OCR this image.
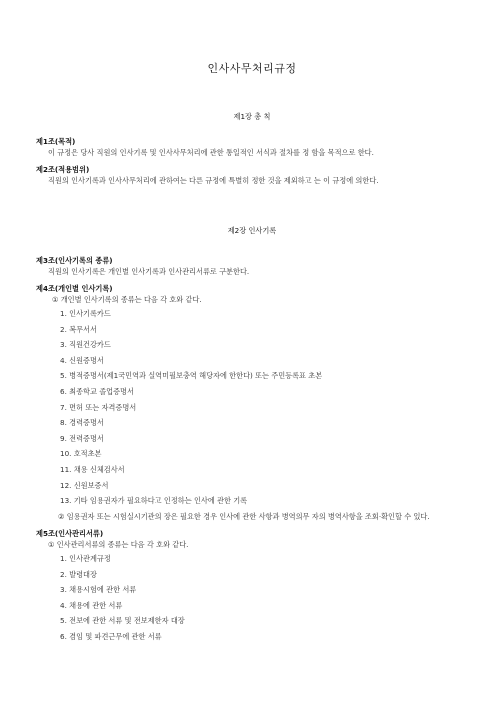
인사사무처리규정
제1장 총 칙
제1조(목적)
이 규정은 당사 직원의 인사기록 및 인사사무처리에 관한 통일적인 서식과 절차를 정 함을 목적으로 한다.
제2조(적용범위)
직원의 인사기록과 인사사무처리에 관하여는 다른 규정에 특별히 정한 것을 제외하고 는 이 규정에 의한다.
제2장 인사기록
제3조(인사기록의 종류)
직원의 인사기록은 개인별 인사기록과 인사관리서류로 구분한다.
제4조(개인별 인사기록)
① 개인별 인사기록의 종류는 다음 각 호와 같다.
1. 인사기록카드
2. 복무서서
3. 직원건강카드
4. 신원증명서
5. 병적증명서(제1국민역과 실역미필보충역 해당자에 한한다) 또는 주민등록표 초본
6. 최종학교 졸업증명서
7. 면허 또는 자격증명서
8. 경력증명서
9. 전력증명서
10. 호적초본
11. 채용 신체검사서
12. 신원보증서
13. 기타 임용권자가 필요하다고 인정하는 인사에 관한 기록
② 임용권자 또는 시험실시기관의 장은 필요한 경우 인사에 관한 사항과 병역의무 자의 병역사항을 조회·확인할 수 있다.
제5조(인사관리서류)
① 인사관리서류의 종류는 다음 각 호와 같다.
1. 인사관계규정
2. 발령대장
3. 채용시험에 관한 서류
4. 채용에 관한 서류
5. 전보에 관한 서류 및 전보제한자 대장
6. 겸임 및 파견근무에 관한 서류
